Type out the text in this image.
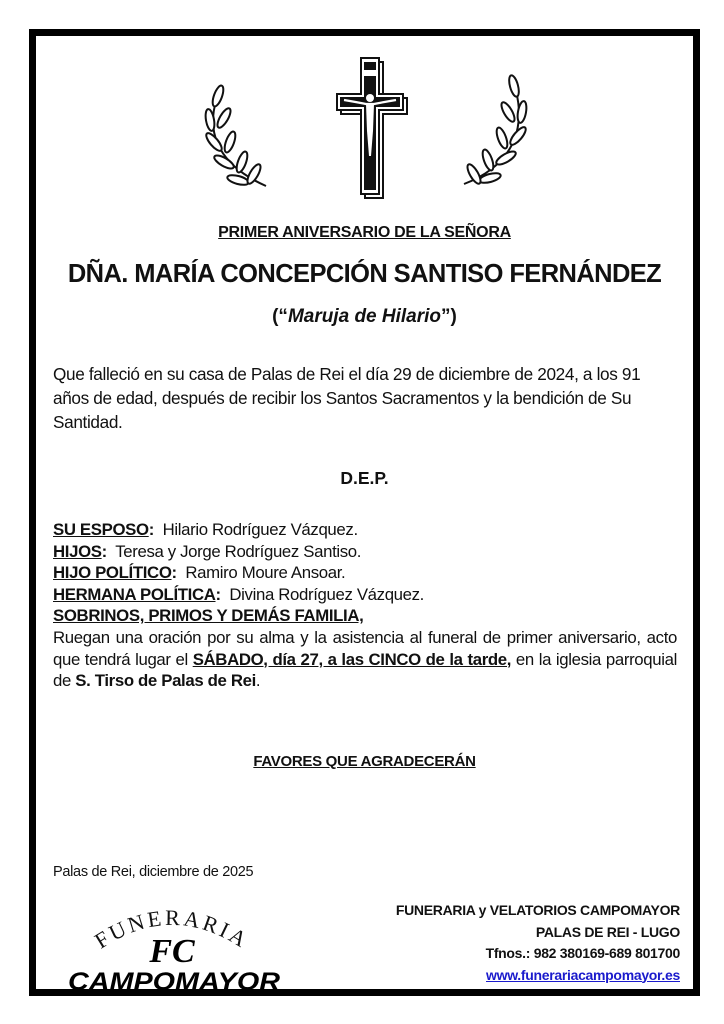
PRIMER ANIVERSARIO DE LA SEÑORA
DÑA. MARÍA CONCEPCIÓN SANTISO FERNÁNDEZ
(“Maruja de Hilario”)
Que falleció en su casa de Palas de Rei el día 29 de diciembre de 2024, a los 91 años de edad, después de recibir los Santos Sacramentos y la bendición de Su Santidad.
D.E.P.
SU ESPOSO: Hilario Rodríguez Vázquez.
HIJOS: Teresa y Jorge Rodríguez Santiso.
HIJO POLÍTICO: Ramiro Moure Ansoar.
HERMANA POLÍTICA: Divina Rodríguez Vázquez.
SOBRINOS, PRIMOS Y DEMÁS FAMILIA,
Ruegan una oración por su alma y la asistencia al funeral de primer aniversario, acto que tendrá lugar el SÁBADO, día 27, a las CINCO de la tarde, en la iglesia parroquial de S. Tirso de Palas de Rei.
FAVORES QUE AGRADECERÁN
Palas de Rei, diciembre de 2025
FUNERARIA
FC
CAMPOMAYOR
FUNERARIA y VELATORIOS CAMPOMAYOR
PALAS DE REI - LUGO
Tfnos.: 982 380169-689 801700
www.funerariacampomayor.es
